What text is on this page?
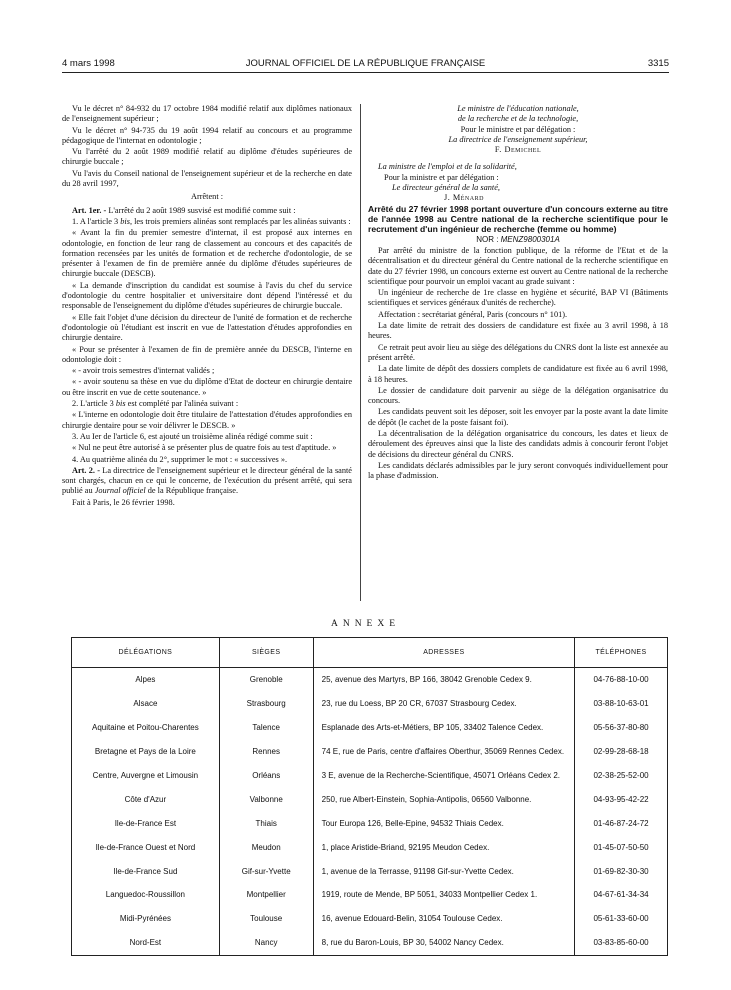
4 mars 1998	JOURNAL OFFICIEL DE LA RÉPUBLIQUE FRANÇAISE	3315

Vu le décret n° 84-932 du 17 octobre 1984 modifié relatif aux diplômes nationaux de l'enseignement supérieur ;

Vu le décret n° 94-735 du 19 août 1994 relatif au concours et au programme pédagogique de l'internat en odontologie ;

Vu l'arrêté du 2 août 1989 modifié relatif au diplôme d'études supérieures de chirurgie buccale ;

Vu l'avis du Conseil national de l'enseignement supérieur et de la recherche en date du 28 avril 1997,

Arrêtent :

Art. 1er. - L'arrêté du 2 août 1989 susvisé est modifié comme suit :

1. A l'article 3 bis, les trois premiers alinéas sont remplacés par les alinéas suivants :

« Avant la fin du premier semestre d'internat, il est proposé aux internes en odontologie, en fonction de leur rang de classement au concours et des capacités de formation recensées par les unités de formation et de recherche d'odontologie, de se présenter à l'examen de fin de première année du diplôme d'études supérieures de chirurgie buccale (DESCB).

« La demande d'inscription du candidat est soumise à l'avis du chef du service d'odontologie du centre hospitalier et universitaire dont dépend l'intéressé et du responsable de l'enseignement du diplôme d'études supérieures de chirurgie buccale.

« Elle fait l'objet d'une décision du directeur de l'unité de formation et de recherche d'odontologie où l'étudiant est inscrit en vue de l'attestation d'études approfondies en chirurgie dentaire.

« Pour se présenter à l'examen de fin de première année du DESCB, l'interne en odontologie doit :

« - avoir trois semestres d'internat validés ;

« - avoir soutenu sa thèse en vue du diplôme d'Etat de docteur en chirurgie dentaire ou être inscrit en vue de cette soutenance. »

2. L'article 3 bis est complété par l'alinéa suivant :

« L'interne en odontologie doit être titulaire de l'attestation d'études approfondies en chirurgie dentaire pour se voir délivrer le DESCB. »

3. Au Ier de l'article 6, est ajouté un troisième alinéa rédigé comme suit :

« Nul ne peut être autorisé à se présenter plus de quatre fois au test d'aptitude. »

4. Au quatrième alinéa du 2°, supprimer le mot : « successives ».

Art. 2. - La directrice de l'enseignement supérieur et le directeur général de la santé sont chargés, chacun en ce qui le concerne, de l'exécution du présent arrêté, qui sera publié au Journal officiel de la République française.

Fait à Paris, le 26 février 1998.

Le ministre de l'éducation nationale,

de la recherche et de la technologie,

Pour le ministre et par délégation :

La directrice de l'enseignement supérieur,

F. Demichel

La ministre de l'emploi et de la solidarité,

Pour la ministre et par délégation :

Le directeur général de la santé,

J. Ménard

Arrêté du 27 février 1998 portant ouverture d'un concours externe au titre de l'année 1998 au Centre national de la recherche scientifique pour le recrutement d'un ingénieur de recherche (femme ou homme)

NOR : MENZ9800301A

Par arrêté du ministre de la fonction publique, de la réforme de l'Etat et de la décentralisation et du directeur général du Centre national de la recherche scientifique en date du 27 février 1998, un concours externe est ouvert au Centre national de la recherche scientifique pour pourvoir un emploi vacant au grade suivant :

Un ingénieur de recherche de 1re classe en hygiène et sécurité, BAP VI (Bâtiments scientifiques et services généraux d'unités de recherche).

Affectation : secrétariat général, Paris (concours n° 101).

La date limite de retrait des dossiers de candidature est fixée au 3 avril 1998, à 18 heures.

Ce retrait peut avoir lieu au siège des délégations du CNRS dont la liste est annexée au présent arrêté.

La date limite de dépôt des dossiers complets de candidature est fixée au 6 avril 1998, à 18 heures.

Le dossier de candidature doit parvenir au siège de la délégation organisatrice du concours.

Les candidats peuvent soit les déposer, soit les envoyer par la poste avant la date limite de dépôt (le cachet de la poste faisant foi).

La décentralisation de la délégation organisatrice du concours, les dates et lieux de déroulement des épreuves ainsi que la liste des candidats admis à concourir feront l'objet de décisions du directeur général du CNRS.

Les candidats déclarés admissibles par le jury seront convoqués individuellement pour la phase d'admission.

ANNEXE
DÉLÉGATIONS	SIÈGES	ADRESSES	TÉLÉPHONES
Alpes	Grenoble	25, avenue des Martyrs, BP 166, 38042 Grenoble Cedex 9.	04-76-88-10-00
Alsace	Strasbourg	23, rue du Loess, BP 20 CR, 67037 Strasbourg Cedex.	03-88-10-63-01
Aquitaine et Poitou-Charentes	Talence	Esplanade des Arts-et-Métiers, BP 105, 33402 Talence Cedex.	05-56-37-80-80
Bretagne et Pays de la Loire	Rennes	74 E, rue de Paris, centre d'affaires Oberthur, 35069 Rennes Cedex.	02-99-28-68-18
Centre, Auvergne et Limousin	Orléans	3 E, avenue de la Recherche-Scientifique, 45071 Orléans Cedex 2.	02-38-25-52-00
Côte d'Azur	Valbonne	250, rue Albert-Einstein, Sophia-Antipolis, 06560 Valbonne.	04-93-95-42-22
Ile-de-France Est	Thiais	Tour Europa 126, Belle-Epine, 94532 Thiais Cedex.	01-46-87-24-72
Ile-de-France Ouest et Nord	Meudon	1, place Aristide-Briand, 92195 Meudon Cedex.	01-45-07-50-50
Ile-de-France Sud	Gif-sur-Yvette	1, avenue de la Terrasse, 91198 Gif-sur-Yvette Cedex.	01-69-82-30-30
Languedoc-Roussillon	Montpellier	1919, route de Mende, BP 5051, 34033 Montpellier Cedex 1.	04-67-61-34-34
Midi-Pyrénées	Toulouse	16, avenue Edouard-Belin, 31054 Toulouse Cedex.	05-61-33-60-00
Nord-Est	Nancy	8, rue du Baron-Louis, BP 30, 54002 Nancy Cedex.	03-83-85-60-00
